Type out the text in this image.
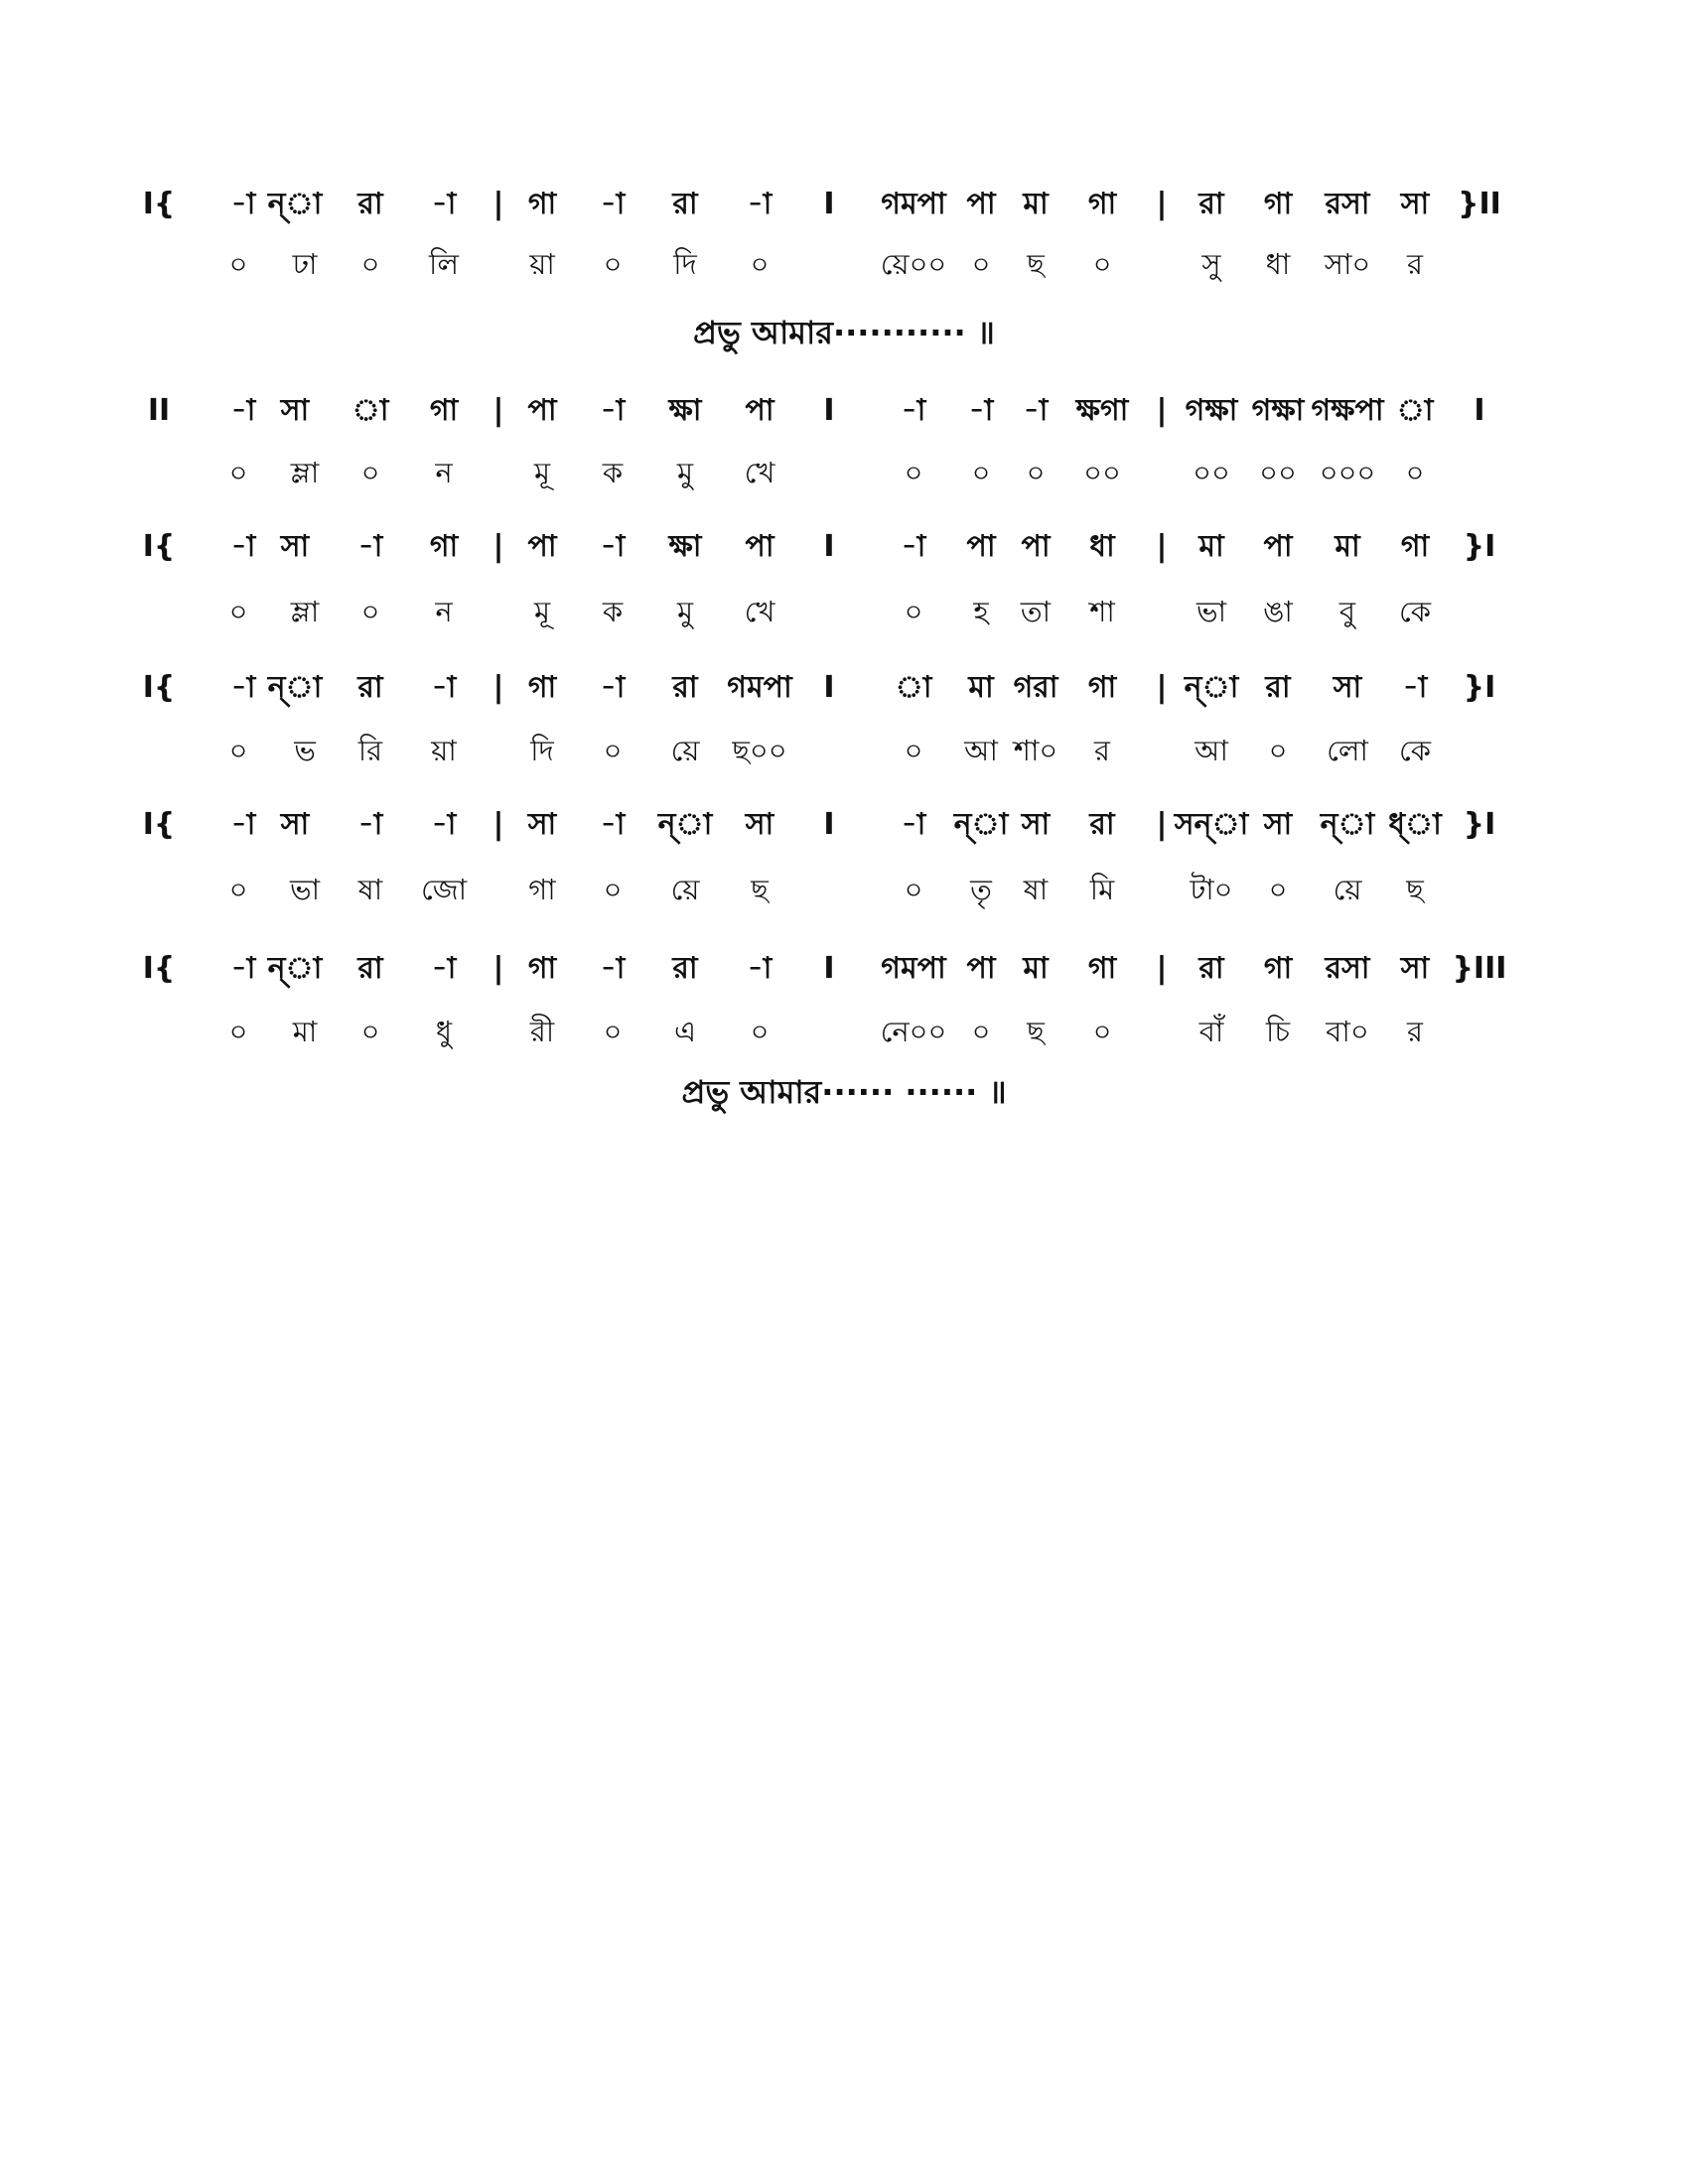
I{ -া ন্া রা -া | গা -া রা -া I গমপা পা মা গা | রা গা রসা সা }II
০ ঢা ০ লি য়া ০ দি ০	য়ে০০ ০ ছ ০	সু ধা সা০ র
প্রভু আমার··········· ॥
II -া সা া গা | পা -া ক্ষা পা I -া -া -া ক্ষগা | গক্ষা গক্ষা গক্ষপা া I
০ ম্লা ০ ন	মূ ক মু খে	০ ০ ০ ০০ ০০ ০০ ০০০ ০
I{ -া সা -া গা | পা -া ক্ষা পা I -া পা পা ধা | মা পা মা গা }I
০ ম্লা ০ ন	মূ ক মু খে	০ হ তা শা	ভা ঙা বু কে
I{ -া ন্া রা -া | গা -া রা গমপা I া মা গরা গা | ন্া রা সা -া }I
০ ভ রি য়া	দি ০ য়ে ছ০০	০ আ শা০ র	আ ০ লো কে
I{ -া সা -া -া | সা -া ন্া সা I -া ন্া সা রা | সন্া সা ন্া ধ্া }I
০ ভা ষা জো গা ০ য়ে ছ	০ তৃ ষা মি	টা০ ০ য়ে ছ
I{ -া ন্া রা -া | গা -া রা -া I গমপা পা মা গা | রা গা রসা সা }III
০ মা ০ ধু	রী ০ এ ০	নে০০ ০ ছ ০	বাঁ চি বা০ র
প্রভু আমার······ ······ ॥
